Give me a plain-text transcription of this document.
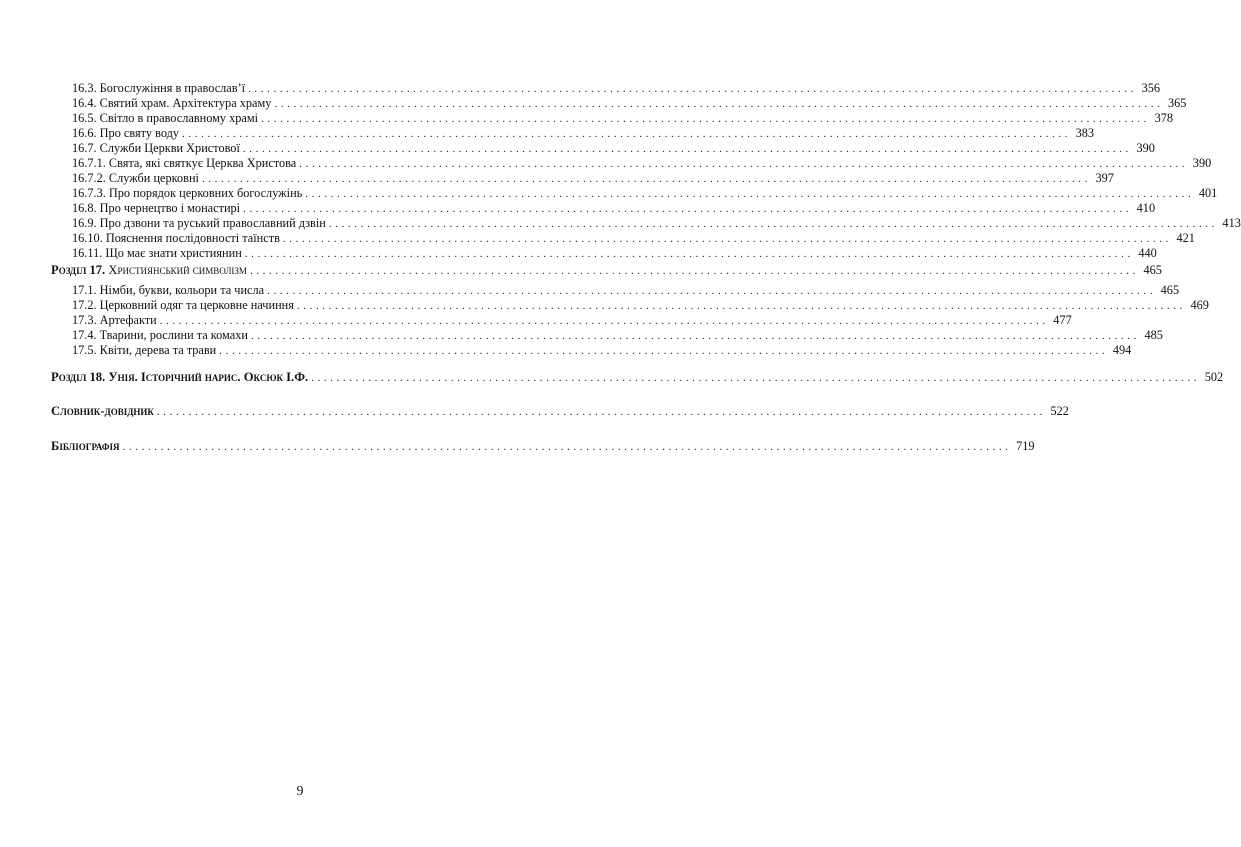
16.3. Богослужіння в православ’ї ............................................................................................................................................ 356
16.4. Святий храм. Архітектура храму ............................................................................................................................................ 365
16.5. Світло в православному храмі ............................................................................................................................................ 378
16.6. Про святу воду ............................................................................................................................................ 383
16.7. Служби Церкви Христової ............................................................................................................................................ 390
16.7.1. Свята, які святкує Церква Христова ............................................................................................................................................ 390
16.7.2. Служби церковні ............................................................................................................................................ 397
16.7.3. Про порядок церковних богослужінь ............................................................................................................................................ 401
16.8. Про чернецтво і монастирі ............................................................................................................................................ 410
16.9. Про дзвони та руський православний дзвін ............................................................................................................................................ 413
16.10. Пояснення послідовності таїнств ............................................................................................................................................ 421
16.11. Що має знати християнин ............................................................................................................................................ 440
Розділ 17. Християнський символізм ............................................................................................................................................ 465
17.1. Німби, букви, кольори та числа ............................................................................................................................................ 465
17.2. Церковний одяг та церковне начиння ............................................................................................................................................ 469
17.3. Артефакти ............................................................................................................................................ 477
17.4. Тварини, рослини та комахи ............................................................................................................................................ 485
17.5. Квіти, дерева та трави ............................................................................................................................................ 494
Розділ 18. Унія. Історічний нарис. Оксюк І.Ф. ............................................................................................................................................ 502
Словник-довідник ............................................................................................................................................ 522
Бібліографія ............................................................................................................................................ 719
9
